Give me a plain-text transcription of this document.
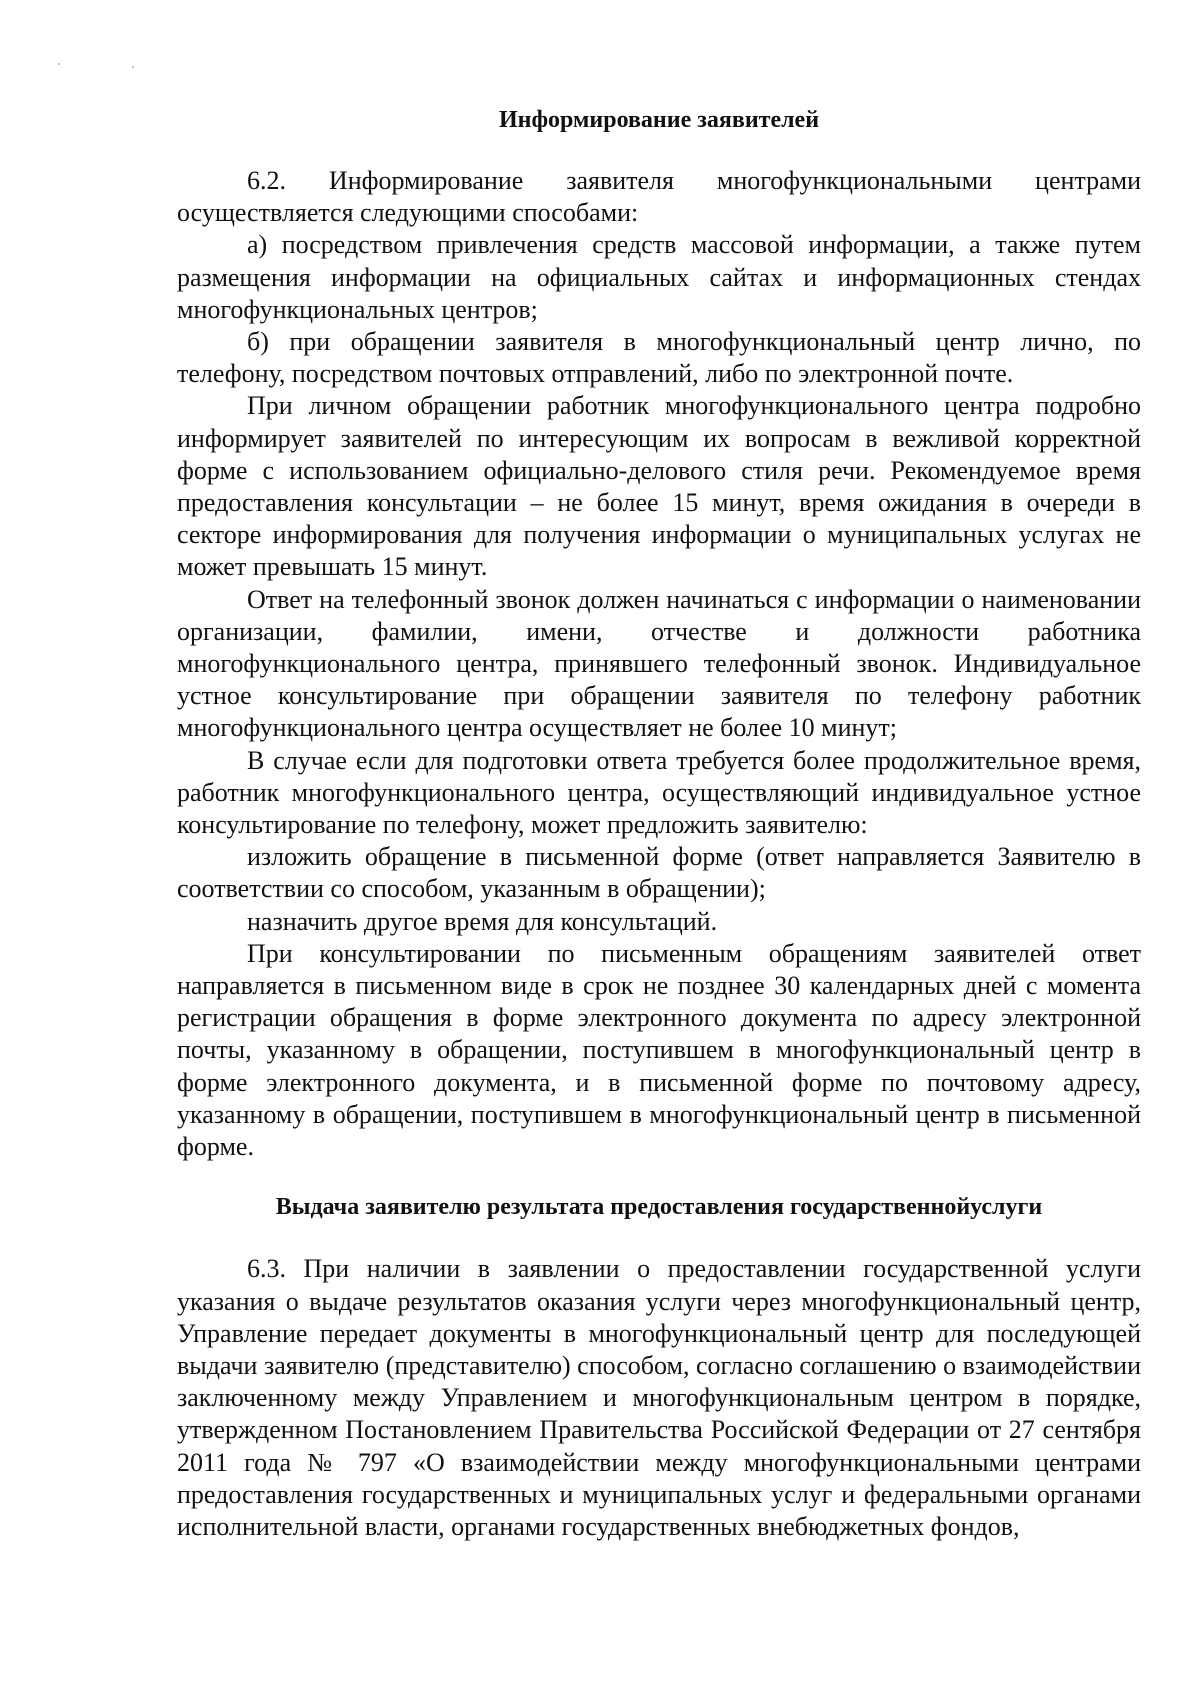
Информирование заявителей

6.2. Информирование заявителя многофункциональными центрами осуществляется следующими способами:

а) посредством привлечения средств массовой информации, а также путем размещения информации на официальных сайтах и информационных стендах многофункциональных центров;

б) при обращении заявителя в многофункциональный центр лично, по телефону, посредством почтовых отправлений, либо по электронной почте.

При личном обращении работник многофункционального центра подробно информирует заявителей по интересующим их вопросам в вежливой корректной форме с использованием официально-делового стиля речи. Рекомендуемое время предоставления консультации – не более 15 минут, время ожидания в очереди в секторе информирования для получения информации о муниципальных услугах не может превышать 15 минут.

Ответ на телефонный звонок должен начинаться с информации о наименовании организации, фамилии, имени, отчестве и должности работника многофункционального центра, принявшего телефонный звонок. Индивидуальное устное консультирование при обращении заявителя по телефону работник многофункционального центра осуществляет не более 10 минут;

В случае если для подготовки ответа требуется более продолжительное время, работник многофункционального центра, осуществляющий индивидуальное устное консультирование по телефону, может предложить заявителю:

изложить обращение в письменной форме (ответ направляется Заявителю в соответствии со способом, указанным в обращении);

назначить другое время для консультаций.

При консультировании по письменным обращениям заявителей ответ направляется в письменном виде в срок не позднее 30 календарных дней с момента регистрации обращения в форме электронного документа по адресу электронной почты, указанному в обращении, поступившем в многофункциональный центр в форме электронного документа, и в письменной форме по почтовому адресу, указанному в обращении, поступившем в многофункциональный центр в письменной форме.

Выдача заявителю результата предоставления государственнойуслуги

6.3. При наличии в заявлении о предоставлении государственной услуги указания о выдаче результатов оказания услуги через многофункциональный центр, Управление передает документы в многофункциональный центр для последующей выдачи заявителю (представителю) способом, согласно соглашению о взаимодействии заключенному между Управлением и многофункциональным центром в порядке, утвержденном Постановлением Правительства Российской Федерации от 27 сентября 2011 года № 797 «О взаимодействии между многофункциональными центрами предоставления государственных и муниципальных услуг и федеральными органами исполнительной власти, органами государственных внебюджетных фондов,
